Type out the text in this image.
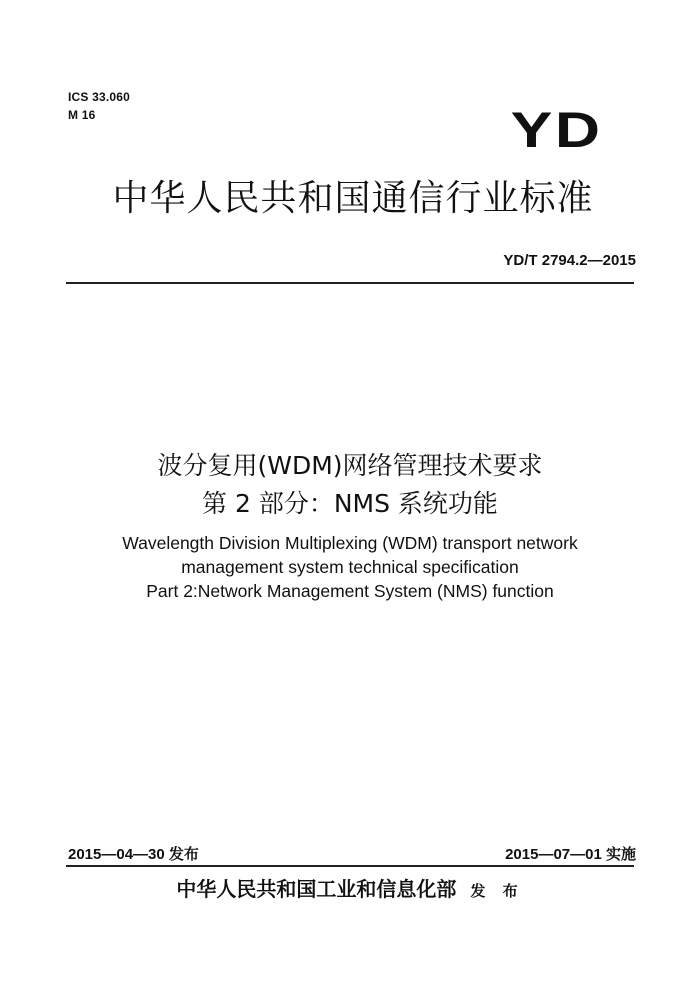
ICS 33.060
M 16	YD
中华人民共和国通信行业标准
YD/T 2794.2—2015
波分复用(WDM)网络管理技术要求
第 2 部分：NMS 系统功能
Wavelength Division Multiplexing (WDM) transport network
management system technical specification
Part 2:Network Management System (NMS) function
2015—04—30 发布	2015—07—01 实施
中华人民共和国工业和信息化部 发 布
